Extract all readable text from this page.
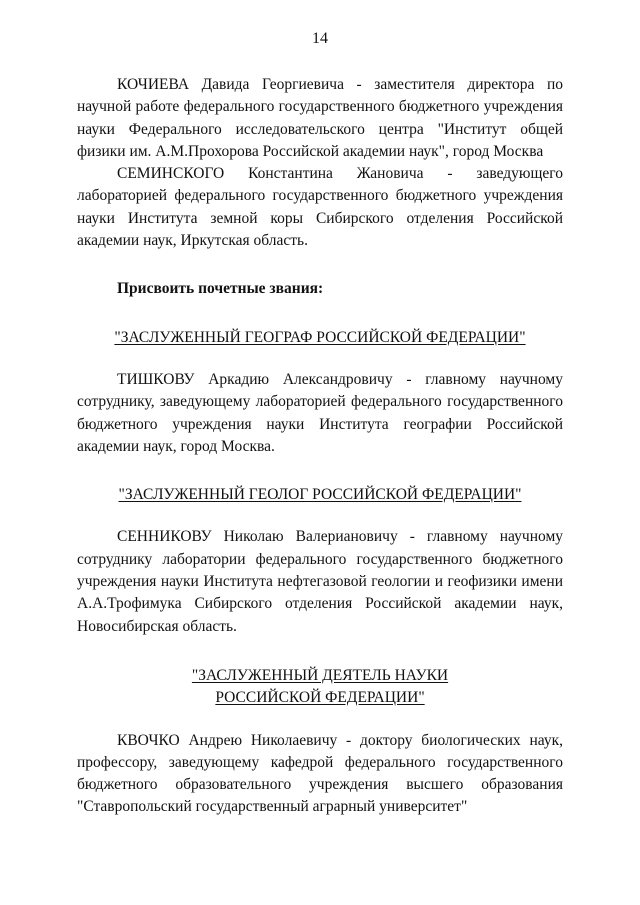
14

КОЧИЕВА Давида Георгиевича - заместителя директора по научной работе федерального государственного бюджетного учреждения науки Федерального исследовательского центра "Институт общей физики им. А.М.Прохорова Российской академии наук", город Москва

СЕМИНСКОГО Константина Жановича - заведующего лабораторией федерального государственного бюджетного учреждения науки Института земной коры Сибирского отделения Российской академии наук, Иркутская область.

Присвоить почетные звания:

"ЗАСЛУЖЕННЫЙ ГЕОГРАФ РОССИЙСКОЙ ФЕДЕРАЦИИ"

ТИШКОВУ Аркадию Александровичу - главному научному сотруднику, заведующему лабораторией федерального государственного бюджетного учреждения науки Института географии Российской академии наук, город Москва.

"ЗАСЛУЖЕННЫЙ ГЕОЛОГ РОССИЙСКОЙ ФЕДЕРАЦИИ"

СЕННИКОВУ Николаю Валериановичу - главному научному сотруднику лаборатории федерального государственного бюджетного учреждения науки Института нефтегазовой геологии и геофизики имени А.А.Трофимука Сибирского отделения Российской академии наук, Новосибирская область.

"ЗАСЛУЖЕННЫЙ ДЕЯТЕЛЬ НАУКИ

РОССИЙСКОЙ ФЕДЕРАЦИИ"

КВОЧКО Андрею Николаевичу - доктору биологических наук, профессору, заведующему кафедрой федерального государственного бюджетного образовательного учреждения высшего образования "Ставропольский государственный аграрный университет"
